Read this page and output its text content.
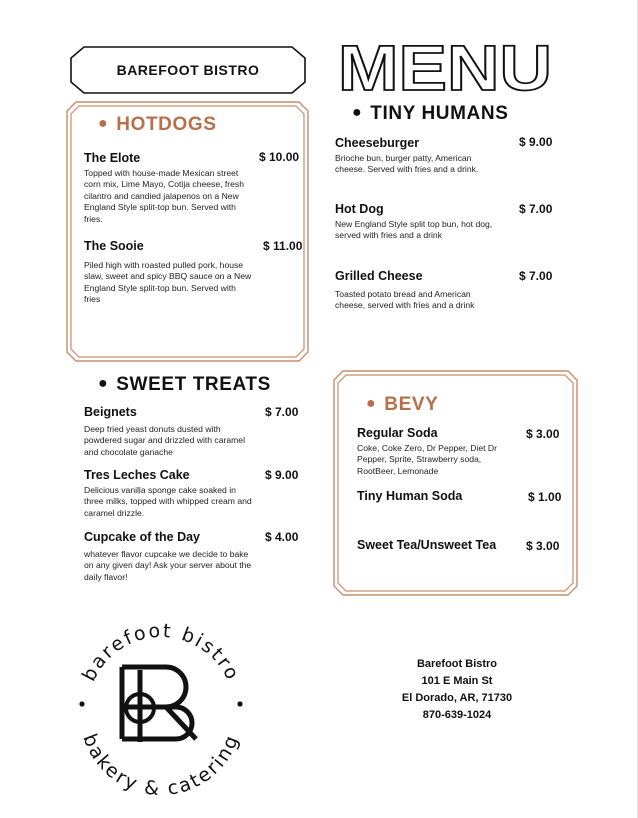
BAREFOOT BISTRO	MENU
● HOTDOGS
The Elote
Topped with house-made Mexican street corn mix, Lime Mayo, Cotija cheese, fresh cilantro and candied jalapenos on a New England Style split-top bun. Served with fries.
$ 10.00
The Sooie
Piled high with roasted pulled pork, house slaw, sweet and spicy BBQ sauce on a New England Style split-top bun. Served with fries
$ 11.00
● TINY HUMANS
Cheeseburger
Brioche bun, burger patty, American cheese. Served with fries and a drink.
$ 9.00
Hot Dog
New England Style split top bun, hot dog, served with fries and a drink
$ 7.00
Grilled Cheese
Toasted potato bread and American cheese, served with fries and a drink
$ 7.00
● SWEET TREATS
Beignets
Deep fried yeast donuts dusted with powdered sugar and drizzled with caramel and chocolate ganache
$ 7.00
Tres Leches Cake
Delicious vanilla sponge cake soaked in three milks, topped with whipped cream and caramel drizzle.
$ 9.00
Cupcake of the Day
whatever flavor cupcake we decide to bake on any given day! Ask your server about the daily flavor!
$ 4.00
● BEVY
Regular Soda
Coke, Coke Zero, Dr Pepper, Diet Dr Pepper, Sprite, Strawberry soda, RootBeer, Lemonade
$ 3.00
Tiny Human Soda	$ 1.00
Sweet Tea/Unsweet Tea	$ 3.00
barefoot bistro
bakery & catering
Barefoot Bistro
101 E Main St
El Dorado, AR, 71730
870-639-1024
